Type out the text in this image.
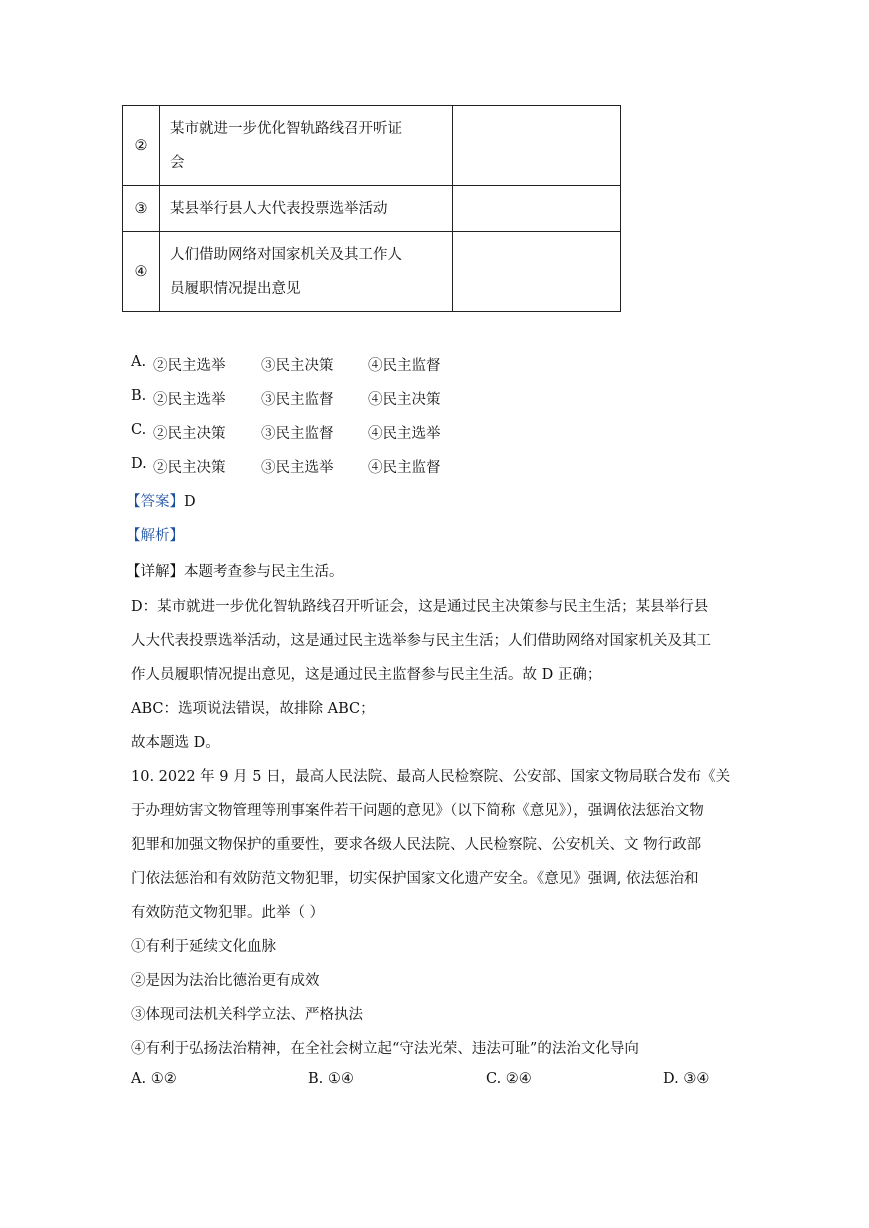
②	某市就进一步优化智轨路线召开听证
会	

③	某县举行县人大代表投票选举活动	

④	人们借助网络对国家机关及其工作人
员履职情况提出意见	

A. ②民主选举 ③民主决策 ④民主监督
B. ②民主选举 ③民主监督 ④民主决策
C. ②民主决策 ③民主监督 ④民主选举
D. ②民主决策 ③民主选举 ④民主监督
【答案】D
【解析】
【详解】本题考查参与民主生活。
D：某市就进一步优化智轨路线召开听证会，这是通过民主决策参与民主生活；某县举行县
人大代表投票选举活动，这是通过民主选举参与民主生活；人们借助网络对国家机关及其工
作人员履职情况提出意见，这是通过民主监督参与民主生活。故 D 正确；
ABC：选项说法错误，故排除 ABC；
故本题选 D。
10. 2022 年 9 月 5 日，最高人民法院、最高人民检察院、公安部、国家文物局联合发布《关
于办理妨害文物管理等刑事案件若干问题的意见》（以下简称《意见》），强调依法惩治文物
犯罪和加强文物保护的重要性，要求各级人民法院、人民检察院、公安机关、文 物行政部
门依法惩治和有效防范文物犯罪，切实保护国家文化遗产安全。《意见》强调, 依法惩治和
有效防范文物犯罪。此举（ ）
①有利于延续文化血脉
②是因为法治比德治更有成效
③体现司法机关科学立法、严格执法
④有利于弘扬法治精神，在全社会树立起“守法光荣、违法可耻”的法治文化导向
A. ①②	B. ①④	C. ②④	D. ③④
